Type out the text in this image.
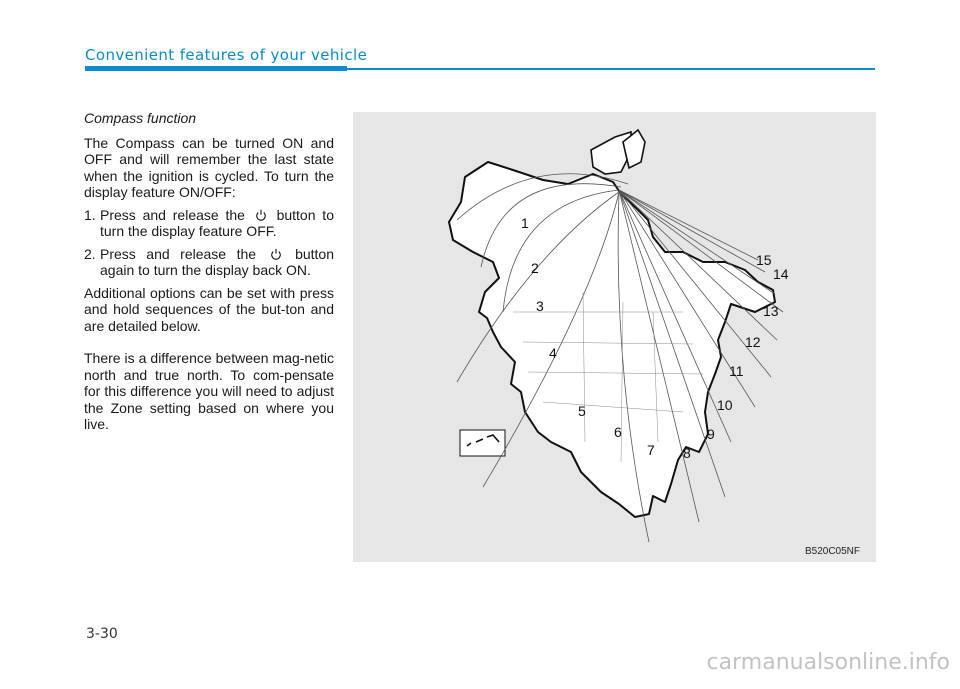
Convenient features of your vehicle

Compass function

The Compass can be turned ON and OFF and will remember the last state when the ignition is cycled. To turn the display feature ON/OFF:

1. Press and release the button to turn the display feature OFF.
2. Press and release the	button again to turn the display back ON.

Additional options can be set with press and hold sequences of the but-ton and are detailed below.

There is a difference between mag-netic north and true north. To com-pensate for this difference you will need to adjust the Zone setting based on where you live.

1
2
3
4
5
6
7 8
9
10
11
12
13
14
15
B520C05NF
3-30
carmanualsonline.info
